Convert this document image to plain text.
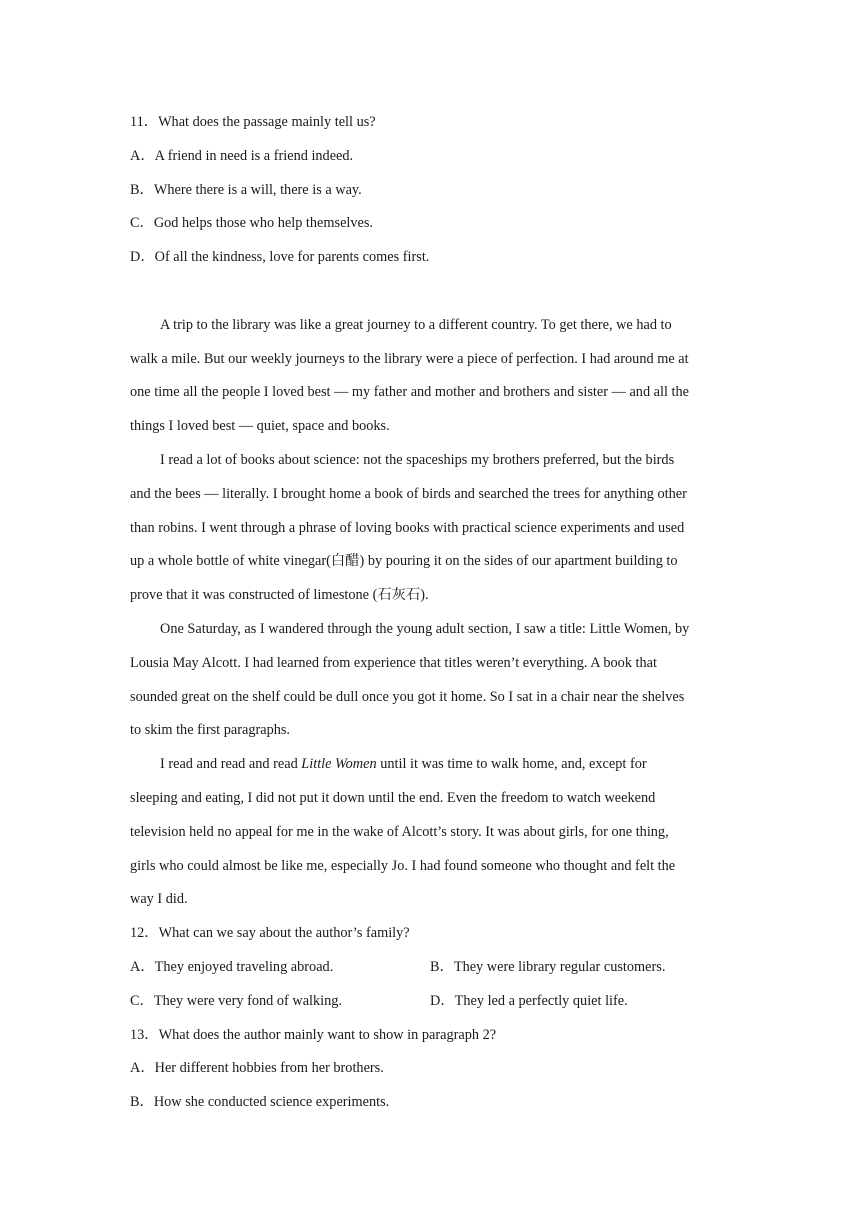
11．What does the passage mainly tell us?
A．A friend in need is a friend indeed.
B．Where there is a will, there is a way.
C．God helps those who help themselves.
D．Of all the kindness, love for parents comes first.
A trip to the library was like a great journey to a different country. To get there, we had to
walk a mile. But our weekly journeys to the library were a piece of perfection. I had around me at
one time all the people I loved best — my father and mother and brothers and sister — and all the
things I loved best — quiet, space and books.
I read a lot of books about science: not the spaceships my brothers preferred, but the birds
and the bees — literally. I brought home a book of birds and searched the trees for anything other
than robins. I went through a phrase of loving books with practical science experiments and used
up a whole bottle of white vinegar(白醋) by pouring it on the sides of our apartment building to
prove that it was constructed of limestone (石灰石).
One Saturday, as I wandered through the young adult section, I saw a title: Little Women, by
Lousia May Alcott. I had learned from experience that titles weren’t everything. A book that
sounded great on the shelf could be dull once you got it home. So I sat in a chair near the shelves
to skim the first paragraphs.
I read and read and read Little Women until it was time to walk home, and, except for
sleeping and eating, I did not put it down until the end. Even the freedom to watch weekend
television held no appeal for me in the wake of Alcott’s story. It was about girls, for one thing,
girls who could almost be like me, especially Jo. I had found someone who thought and felt the
way I did.
12．What can we say about the author’s family?
A．They enjoyed traveling abroad.	B．They were library regular customers.
C．They were very fond of walking.	D．They led a perfectly quiet life.
13．What does the author mainly want to show in paragraph 2?
A．Her different hobbies from her brothers.
B．How she conducted science experiments.
